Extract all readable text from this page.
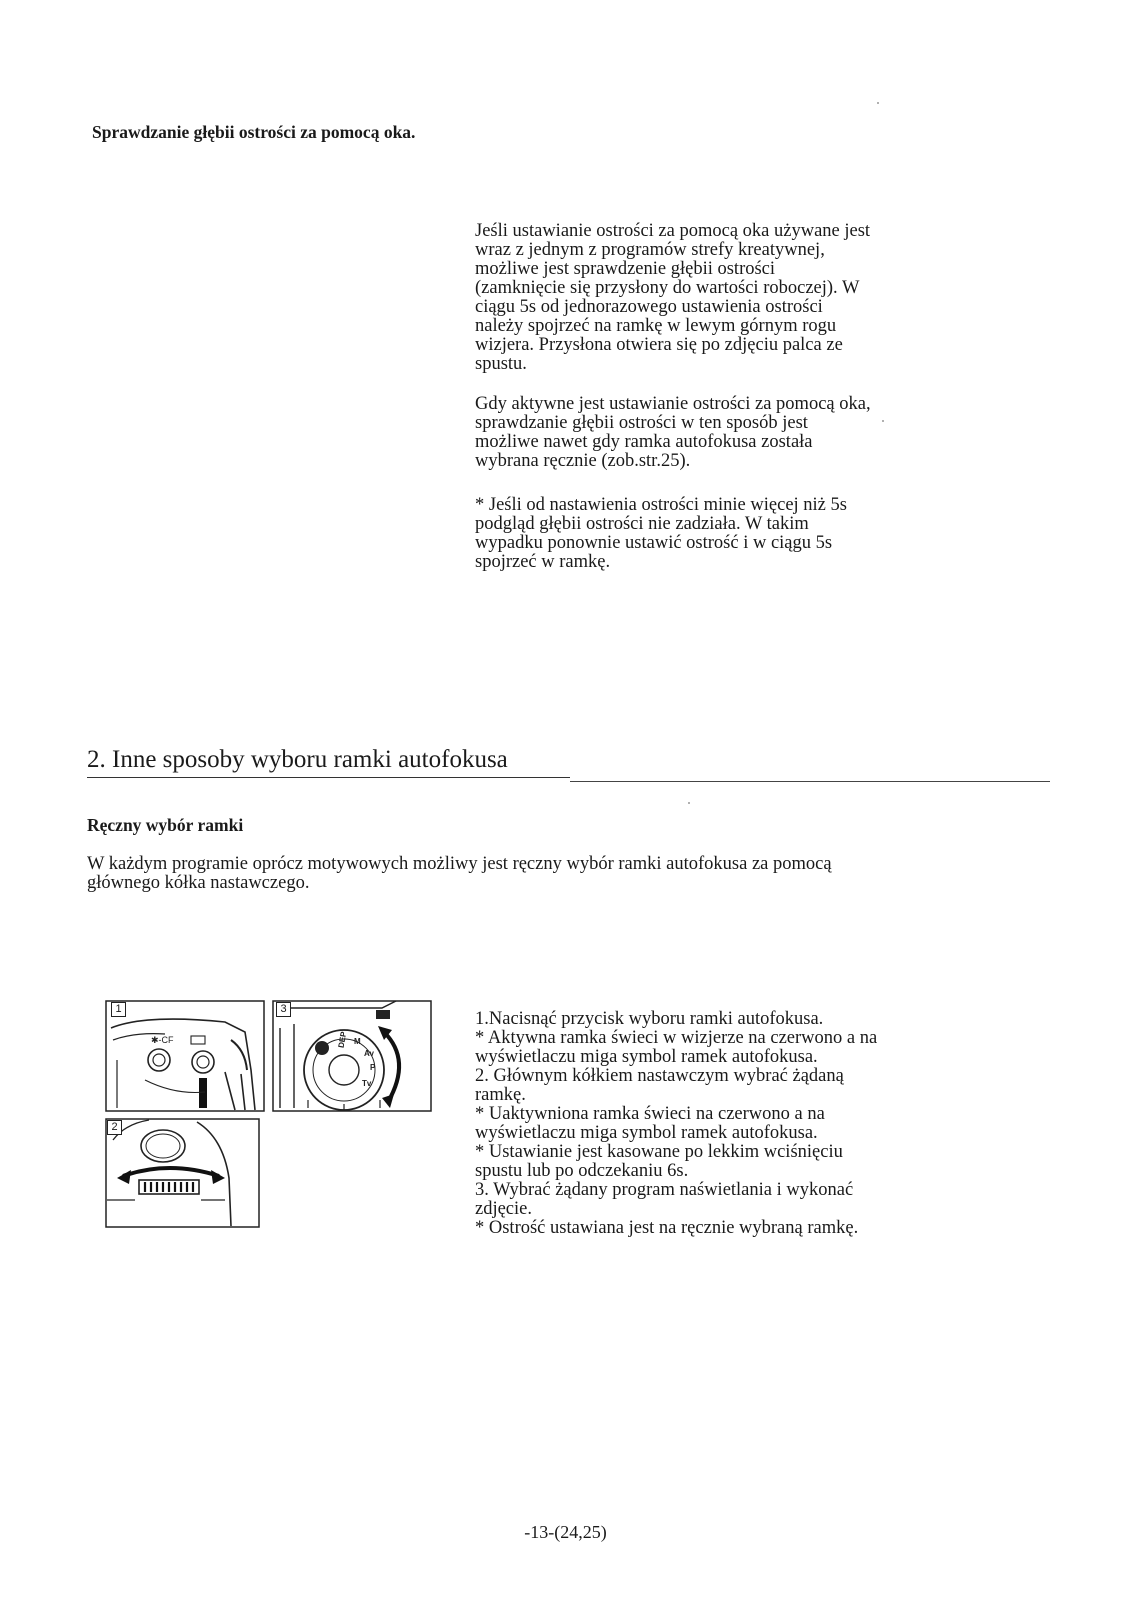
Sprawdzanie głębii ostrości za pomocą oka.
Jeśli ustawianie ostrości za pomocą oka używane jest
wraz z jednym z programów strefy kreatywnej,
możliwe jest sprawdzenie głębii ostrości
(zamknięcie się przysłony do wartości roboczej). W
ciągu 5s od jednorazowego ustawienia ostrości
należy spojrzeć na ramkę w lewym górnym rogu
wizjera. Przysłona otwiera się po zdjęciu palca ze
spustu.
Gdy aktywne jest ustawianie ostrości za pomocą oka,
sprawdzanie głębii ostrości w ten sposób jest
możliwe nawet gdy ramka autofokusa została
wybrana ręcznie (zob.str.25).
* Jeśli od nastawienia ostrości minie więcej niż 5s
podgląd głębii ostrości nie zadziała. W takim
wypadku ponownie ustawić ostrość i w ciągu 5s
spojrzeć w ramkę.
2. Inne sposoby wyboru ramki autofokusa
Ręczny wybór ramki
W każdym programie oprócz motywowych możliwy jest ręczny wybór ramki autofokusa za pomocą
głównego kółka nastawczego.
✱-CF
1
DEP M
Av
P
Tv
3
2
1.Nacisnąć przycisk wyboru ramki autofokusa.
* Aktywna ramka świeci w wizjerze na czerwono a na
wyświetlaczu miga symbol ramek autofokusa.
2. Głównym kółkiem nastawczym wybrać żądaną
ramkę.
* Uaktywniona ramka świeci na czerwono a na
wyświetlaczu miga symbol ramek autofokusa.
* Ustawianie jest kasowane po lekkim wciśnięciu
spustu lub po odczekaniu 6s.
3. Wybrać żądany program naświetlania i wykonać
zdjęcie.
* Ostrość ustawiana jest na ręcznie wybraną ramkę.
-13-(24,25)
